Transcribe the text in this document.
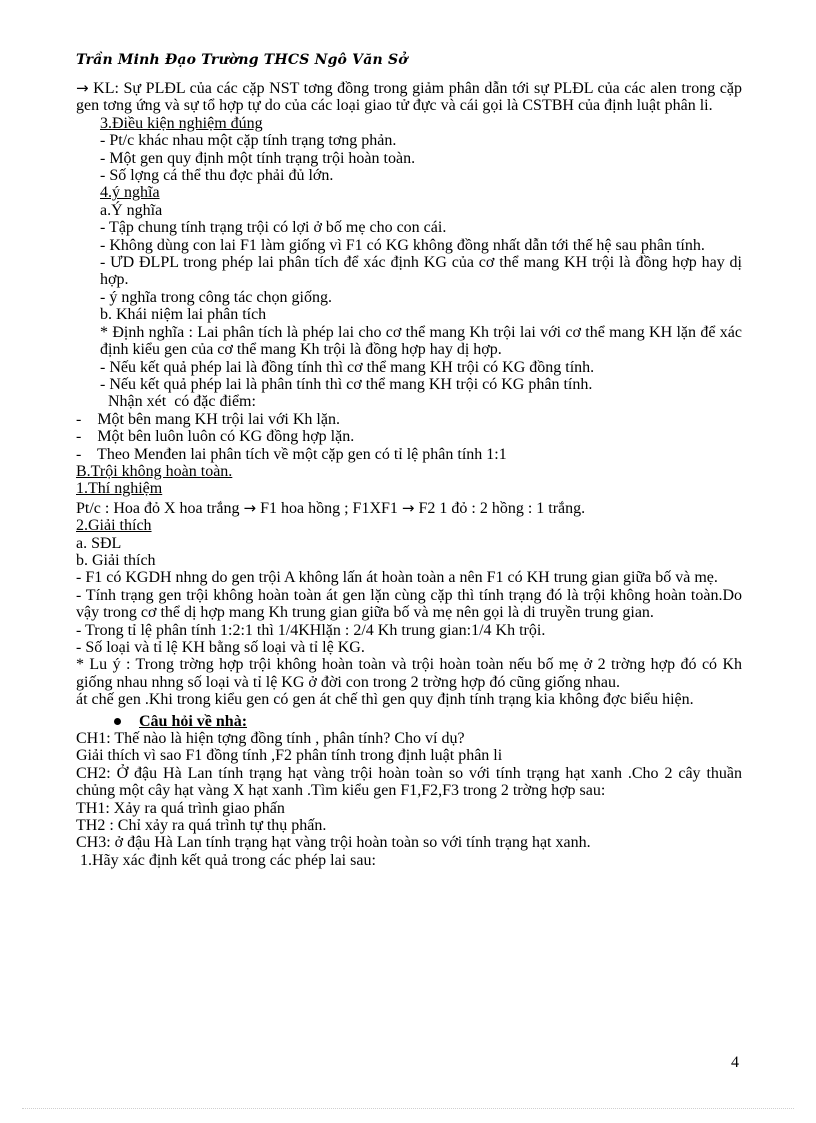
Trần Minh Đạo Trường THCS Ngô Văn Sở

→ KL: Sự PLĐL của các cặp NST tơng đồng trong giảm phân dẫn tới sự PLĐL của các alen trong cặp gen tơng ứng và sự tổ hợp tự do của các loại giao tử đực và cái gọi là CSTBH của định luật phân li.

3.Điều kiện nghiệm đúng

- Pt/c khác nhau một cặp tính trạng tơng phản.

- Một gen quy định một tính trạng trội hoàn toàn.

- Số lợng cá thể thu đợc phải đủ lớn.

4.ý nghĩa

a.Ý nghĩa

- Tập chung tính trạng trội có lợi ở bố mẹ cho con cái.

- Không dùng con lai F1 làm giống vì F1 có KG không đồng nhất dẫn tới thế hệ sau phân tính.

- ƯD ĐLPL trong phép lai phân tích để xác định KG của cơ thể mang KH trội là đồng hợp hay dị hợp.

- ý nghĩa trong công tác chọn giống.

b. Khái niệm lai phân tích

* Định nghĩa : Lai phân tích là phép lai cho cơ thể mang Kh trội lai với cơ thể mang KH lặn để xác định kiểu gen của cơ thể mang Kh trội là đồng hợp hay dị hợp.

- Nếu kết quả phép lai là đồng tính thì cơ thể mang KH trội có KG đồng tính.

- Nếu kết quả phép lai là phân tính thì cơ thể mang KH trội có KG phân tính.

Nhận xét  có đặc điểm:

-    Một bên mang KH trội lai với Kh lặn.

-    Một bên luôn luôn có KG đồng hợp lặn.

-    Theo Menđen lai phân tích về một cặp gen có tỉ lệ phân tính 1:1

B.Trội không hoàn toàn.

1.Thí nghiệm

Pt/c : Hoa đỏ X hoa trắng → F1 hoa hồng ; F1XF1 → F2 1 đỏ : 2 hồng : 1 trắng.

2.Giải thích

a. SĐL

b. Giải thích

- F1 có KGDH nhng do gen trội A không lấn át hoàn toàn a nên F1 có KH trung gian giữa bố và mẹ.

- Tính trạng gen trội không hoàn toàn át gen lặn cùng cặp thì tính trạng đó là trội không hoàn toàn.Do vậy trong cơ thể dị hợp mang Kh trung gian giữa bố và mẹ nên gọi là di truyền trung gian.

- Trong tỉ lệ phân tính 1:2:1 thì 1/4KHlặn : 2/4 Kh trung gian:1/4 Kh trội.

- Số loại và tỉ lệ KH bằng số loại và tỉ lệ KG.

* Lu ý : Trong trờng hợp trội không hoàn toàn và trội hoàn toàn nếu bố mẹ ở 2 trờng hợp đó có Kh giống nhau nhng số loại và tỉ lệ KG ở đời con trong 2 trờng hợp đó cũng giống nhau.

át chế gen .Khi trong kiểu gen có gen át chế thì gen quy định tính trạng kia không đợc biểu hiện.

Câu hỏi về nhà:

CH1: Thế nào là hiện tợng đồng tính , phân tính? Cho ví dụ?

Giải thích vì sao F1 đồng tính ,F2 phân tính trong định luật phân li

CH2: Ở đậu Hà Lan tính trạng hạt vàng trội hoàn toàn so với tính trạng hạt xanh .Cho 2 cây thuần chủng một cây hạt vàng X hạt xanh .Tìm kiểu gen F1,F2,F3 trong 2 trờng hợp sau:

TH1: Xảy ra quá trình giao phấn

TH2 : Chỉ xảy ra quá trình tự thụ phấn.

CH3: ở đậu Hà Lan tính trạng hạt vàng trội hoàn toàn so với tính trạng hạt xanh.

1.Hãy xác định kết quả trong các phép lai sau:

4
